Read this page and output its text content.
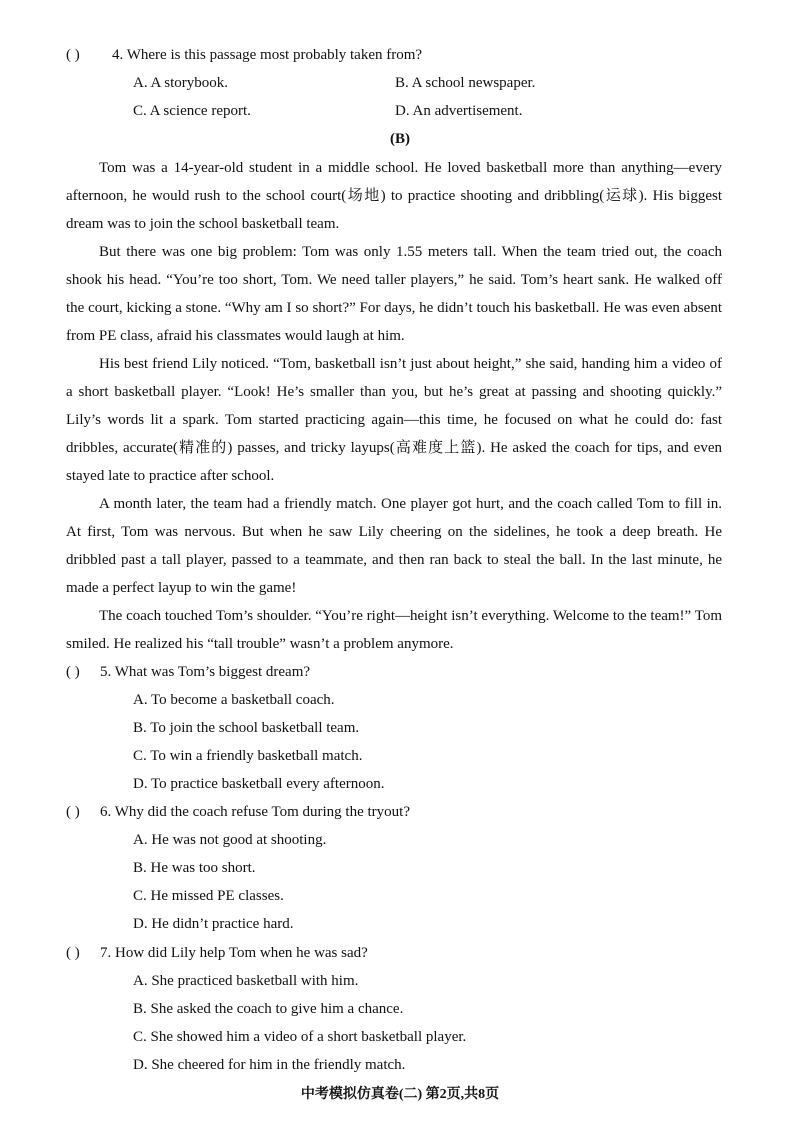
( ) 4. Where is this passage most probably taken from?
A. A storybook.	B. A school newspaper.
C. A science report.	D. An advertisement.
(B)
Tom was a 14-year-old student in a middle school. He loved basketball more than anything—every afternoon, he would rush to the school court(场地) to practice shooting and dribbling(运球). His biggest dream was to join the school basketball team.
But there was one big problem: Tom was only 1.55 meters tall. When the team tried out, the coach shook his head. “You’re too short, Tom. We need taller players,” he said. Tom’s heart sank. He walked off the court, kicking a stone. “Why am I so short?” For days, he didn’t touch his basketball. He was even absent from PE class, afraid his classmates would laugh at him.
His best friend Lily noticed. “Tom, basketball isn’t just about height,” she said, handing him a video of a short basketball player. “Look! He’s smaller than you, but he’s great at passing and shooting quickly.” Lily’s words lit a spark. Tom started practicing again—this time, he focused on what he could do: fast dribbles, accurate(精准的) passes, and tricky layups(高难度上篮). He asked the coach for tips, and even stayed late to practice after school.
A month later, the team had a friendly match. One player got hurt, and the coach called Tom to fill in. At first, Tom was nervous. But when he saw Lily cheering on the sidelines, he took a deep breath. He dribbled past a tall player, passed to a teammate, and then ran back to steal the ball. In the last minute, he made a perfect layup to win the game!
The coach touched Tom’s shoulder. “You’re right—height isn’t everything. Welcome to the team!” Tom smiled. He realized his “tall trouble” wasn’t a problem anymore.
( ) 5. What was Tom’s biggest dream?
A. To become a basketball coach.
B. To join the school basketball team.
C. To win a friendly basketball match.
D. To practice basketball every afternoon.
( ) 6. Why did the coach refuse Tom during the tryout?
A. He was not good at shooting.
B. He was too short.
C. He missed PE classes.
D. He didn’t practice hard.
( ) 7. How did Lily help Tom when he was sad?
A. She practiced basketball with him.
B. She asked the coach to give him a chance.
C. She showed him a video of a short basketball player.
D. She cheered for him in the friendly match.
中考模拟仿真卷(二) 第2页,共8页
